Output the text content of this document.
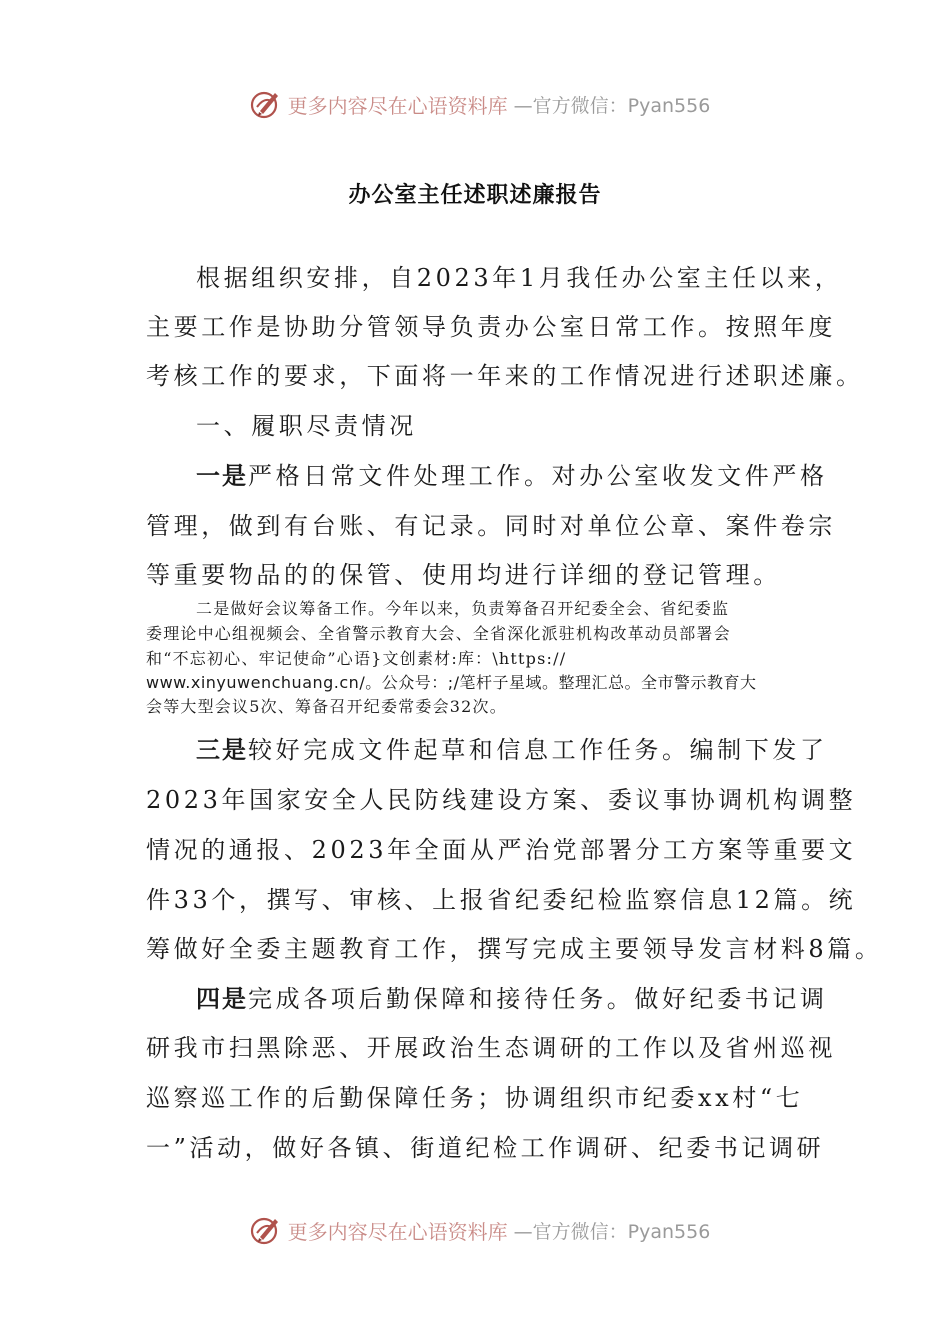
更多内容尽在心语资料库 —官方微信：Pyan556
办公室主任述职述廉报告
根据组织安排，自2023年1月我任办公室主任以来，
主要工作是协助分管领导负责办公室日常工作。按照年度
考核工作的要求，下面将一年来的工作情况进行述职述廉。
一、履职尽责情况
一是严格日常文件处理工作。对办公室收发文件严格
管理，做到有台账、有记录。同时对单位公章、案件卷宗
等重要物品的的保管、使用均进行详细的登记管理。
二是做好会议筹备工作。今年以来，负责筹备召开纪委全会、省纪委监
委理论中心组视频会、全省警示教育大会、全省深化派驻机构改革动员部署会
和“不忘初心、牢记使命”心语}文创素材:库：\https://
www.xinyuwenchuang.cn/。公众号：;/笔杆子星域。整理汇总。全市警示教育大
会等大型会议5次、筹备召开纪委常委会32次。
三是较好完成文件起草和信息工作任务。编制下发了
2023年国家安全人民防线建设方案、委议事协调机构调整
情况的通报、2023年全面从严治党部署分工方案等重要文
件33个，撰写、审核、上报省纪委纪检监察信息12篇。统
筹做好全委主题教育工作，撰写完成主要领导发言材料8篇。
四是完成各项后勤保障和接待任务。做好纪委书记调
研我市扫黑除恶、开展政治生态调研的工作以及省州巡视
巡察巡工作的后勤保障任务；协调组织市纪委xx村“七
一”活动，做好各镇、街道纪检工作调研、纪委书记调研
更多内容尽在心语资料库 —官方微信：Pyan556
